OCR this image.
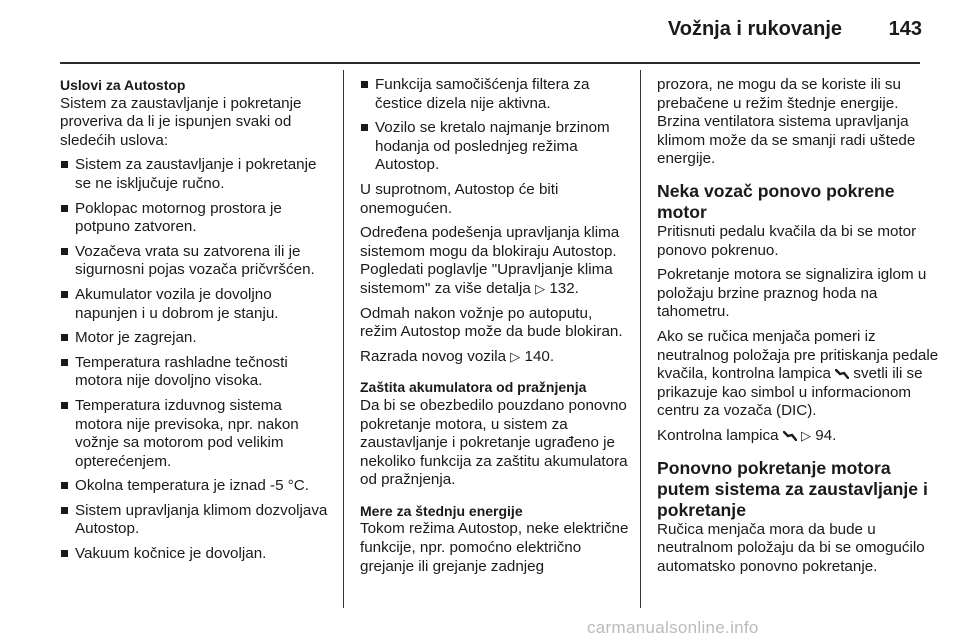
Vožnja i rukovanje 143

Uslovi za Autostop

Sistem za zaustavljanje i pokretanje proveriva da li je ispunjen svaki od sledećih uslova:

Sistem za zaustavljanje i pokretanje se ne isključuje ručno.
Poklopac motornog prostora je potpuno zatvoren.
Vozačeva vrata su zatvorena ili je sigurnosni pojas vozača pričvršćen.
Akumulator vozila je dovoljno napunjen i u dobrom je stanju.
Motor je zagrejan.
Temperatura rashladne tečnosti motora nije dovoljno visoka.
Temperatura izduvnog sistema motora nije previsoka, npr. nakon vožnje sa motorom pod velikim opterećenjem.
Okolna temperatura je iznad -5 °C.
Sistem upravljanja klimom dozvoljava Autostop.
Vakuum kočnice je dovoljan.
Funkcija samočišćenja filtera za čestice dizela nije aktivna.
Vozilo se kretalo najmanje brzinom hodanja od poslednjeg režima Autostop.

U suprotnom, Autostop će biti onemogućen.

Određena podešenja upravljanja klima sistemom mogu da blokiraju Autostop. Pogledati poglavlje "Upravljanje klima sistemom" za više detalja ▷ 132.

Odmah nakon vožnje po autoputu, režim Autostop može da bude blokiran.

Razrada novog vozila ▷ 140.

Zaštita akumulatora od pražnjenja

Da bi se obezbedilo pouzdano ponovno pokretanje motora, u sistem za zaustavljanje i pokretanje ugrađeno je nekoliko funkcija za zaštitu akumulatora od pražnjenja.

Mere za štednju energije

Tokom režima Autostop, neke električne funkcije, npr. pomoćno električno grejanje ili grejanje zadnjeg

prozora, ne mogu da se koriste ili su prebačene u režim štednje energije. Brzina ventilatora sistema upravljanja klimom može da se smanji radi uštede energije.

Neka vozač ponovo pokrene motor

Pritisnuti pedalu kvačila da bi se motor ponovo pokrenuo.

Pokretanje motora se signalizira iglom u položaju brzine praznog hoda na tahometru.

Ako se ručica menjača pomeri iz neutralnog položaja pre pritiskanja pedale kvačila, kontrolna lampica svetli ili se prikazuje kao simbol u informacionom centru za vozača (DIC).

Kontrolna lampica ▷ 94.

Ponovno pokretanje motora putem sistema za zaustavljanje i pokretanje

Ručica menjača mora da bude u neutralnom položaju da bi se omogućilo automatsko ponovno pokretanje.

carmanualsonline.info
